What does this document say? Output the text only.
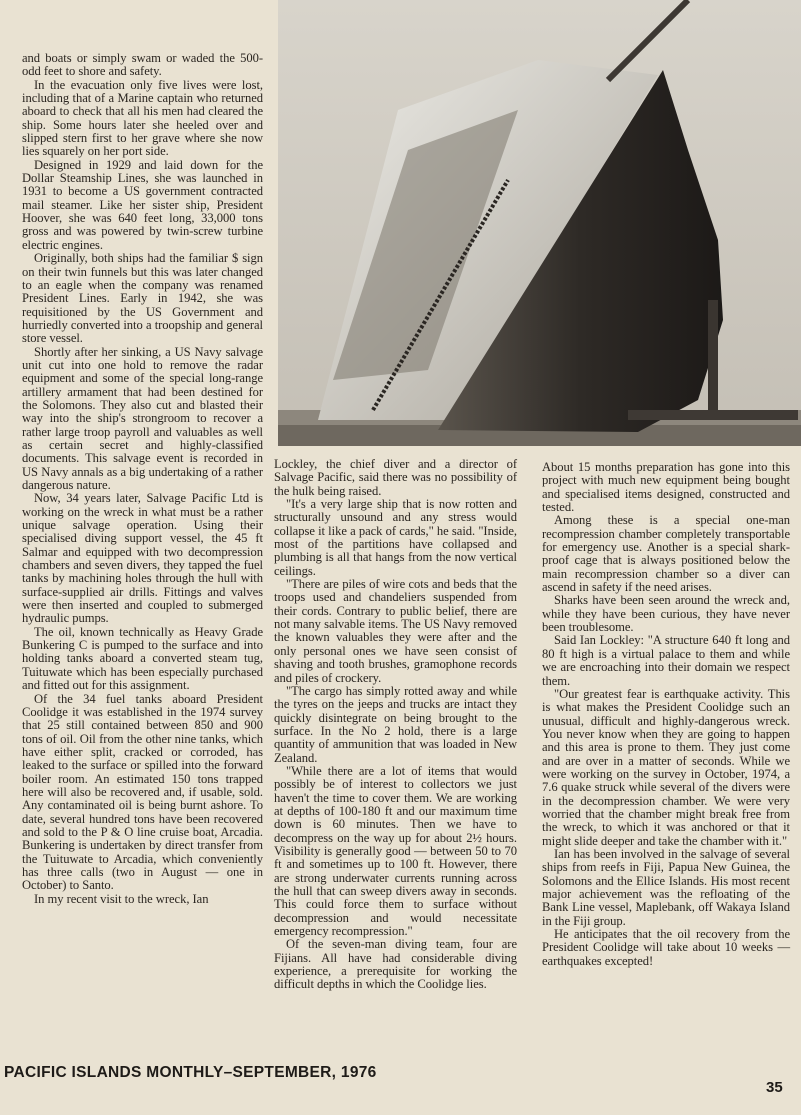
and boats or simply swam or waded the 500-odd feet to shore and safety.

In the evacuation only five lives were lost, including that of a Marine captain who returned aboard to check that all his men had cleared the ship. Some hours later she heeled over and slipped stern first to her grave where she now lies squarely on her port side.

Designed in 1929 and laid down for the Dollar Steamship Lines, she was launched in 1931 to become a US government contracted mail steamer. Like her sister ship, President Hoover, she was 640 feet long, 33,000 tons gross and was powered by twin-screw turbine electric engines.

Originally, both ships had the familiar $ sign on their twin funnels but this was later changed to an eagle when the company was renamed President Lines. Early in 1942, she was requisitioned by the US Government and hurriedly converted into a troopship and general store vessel.

Shortly after her sinking, a US Navy salvage unit cut into one hold to remove the radar equipment and some of the special long-range artillery armament that had been destined for the Solomons. They also cut and blasted their way into the ship's strongroom to recover a rather large troop payroll and valuables as well as certain secret and highly-classified documents. This salvage event is recorded in US Navy annals as a big undertaking of a rather dangerous nature.

Now, 34 years later, Salvage Pacific Ltd is working on the wreck in what must be a rather unique salvage operation. Using their specialised diving support vessel, the 45 ft Salmar and equipped with two decompression chambers and seven divers, they tapped the fuel tanks by machining holes through the hull with surface-supplied air drills. Fittings and valves were then inserted and coupled to submerged hydraulic pumps.

The oil, known technically as Heavy Grade Bunkering C is pumped to the surface and into holding tanks aboard a converted steam tug, Tuituwate which has been especially purchased and fitted out for this assignment.

Of the 34 fuel tanks aboard President Coolidge it was established in the 1974 survey that 25 still contained between 850 and 900 tons of oil. Oil from the other nine tanks, which have either split, cracked or corroded, has leaked to the surface or spilled into the forward boiler room. An estimated 150 tons trapped here will also be recovered and, if usable, sold. Any contaminated oil is being burnt ashore. To date, several hundred tons have been recovered and sold to the P & O line cruise boat, Arcadia. Bunkering is undertaken by direct transfer from the Tuituwate to Arcadia, which conveniently has three calls (two in August — one in October) to Santo.

In my recent visit to the wreck, Ian

Lockley, the chief diver and a director of Salvage Pacific, said there was no possibility of the hulk being raised.

"It's a very large ship that is now rotten and structurally unsound and any stress would collapse it like a pack of cards," he said. "Inside, most of the partitions have collapsed and plumbing is all that hangs from the now vertical ceilings.

"There are piles of wire cots and beds that the troops used and chandeliers suspended from their cords. Contrary to public belief, there are not many salvable items. The US Navy removed the known valuables they were after and the only personal ones we have seen consist of shaving and tooth brushes, gramophone records and piles of crockery.

"The cargo has simply rotted away and while the tyres on the jeeps and trucks are intact they quickly disintegrate on being brought to the surface. In the No 2 hold, there is a large quantity of ammunition that was loaded in New Zealand.

"While there are a lot of items that would possibly be of interest to collectors we just haven't the time to cover them. We are working at depths of 100-180 ft and our maximum time down is 60 minutes. Then we have to decompress on the way up for about 2½ hours. Visibility is generally good — between 50 to 70 ft and sometimes up to 100 ft. However, there are strong underwater currents running across the hull that can sweep divers away in seconds. This could force them to surface without decompression and would necessitate emergency recompression."

Of the seven-man diving team, four are Fijians. All have had considerable diving experience, a prerequisite for working the difficult depths in which the Coolidge lies.

About 15 months preparation has gone into this project with much new equipment being bought and specialised items designed, constructed and tested.

Among these is a special one-man recompression chamber completely transportable for emergency use. Another is a special shark-proof cage that is always positioned below the main recompression chamber so a diver can ascend in safety if the need arises.

Sharks have been seen around the wreck and, while they have been curious, they have never been troublesome.

Said Ian Lockley: "A structure 640 ft long and 80 ft high is a virtual palace to them and while we are encroaching into their domain we respect them.

"Our greatest fear is earthquake activity. This is what makes the President Coolidge such an unusual, difficult and highly-dangerous wreck. You never know when they are going to happen and this area is prone to them. They just come and are over in a matter of seconds. While we were working on the survey in October, 1974, a 7.6 quake struck while several of the divers were in the decompression chamber. We were very worried that the chamber might break free from the wreck, to which it was anchored or that it might slide deeper and take the chamber with it."

Ian has been involved in the salvage of several ships from reefs in Fiji, Papua New Guinea, the Solomons and the Ellice Islands. His most recent major achievement was the refloating of the Bank Line vessel, Maplebank, off Wakaya Island in the Fiji group.

He anticipates that the oil recovery from the President Coolidge will take about 10 weeks — earthquakes excepted!

PACIFIC ISLANDS MONTHLY–SEPTEMBER, 1976
35
